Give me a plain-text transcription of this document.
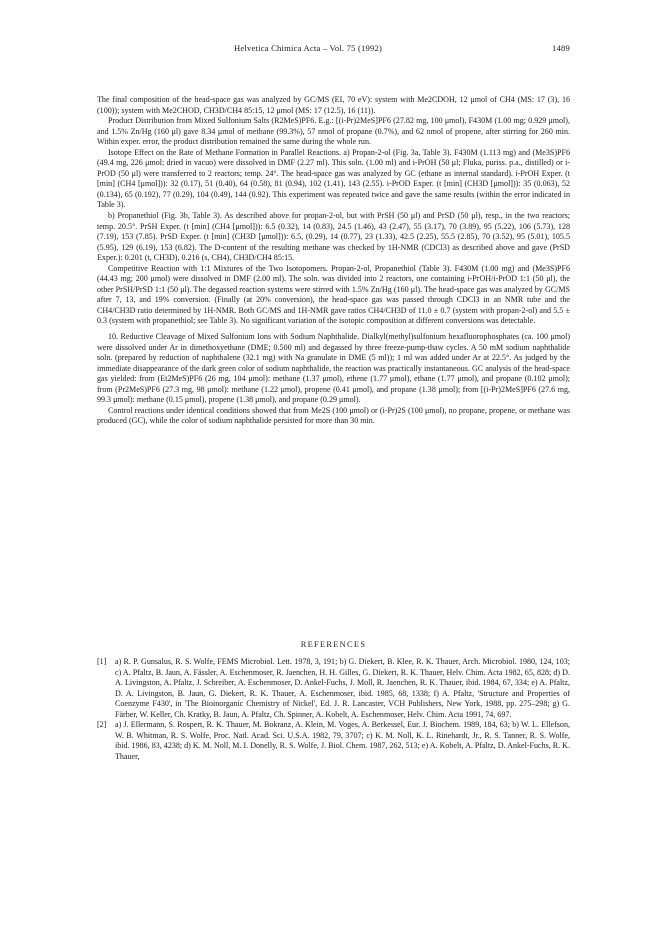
Helvetica Chimica Acta – Vol. 75 (1992)	1489

The final composition of the head-space gas was analyzed by GC/MS (EI, 70 eV): system with Me2CDOH, 12 μmol of CH4 (MS: 17 (3), 16 (100)); system with Me2CHOD, CH3D/CH4 85:15, 12 μmol (MS: 17 (12.5), 16 (11)).

Product Distribution from Mixed Sulfonium Salts (R2MeS)PF6. E.g.: [(i-Pr)2MeS]PF6 (27.82 mg, 100 μmol), F430M (1.00 mg; 0.929 μmol), and 1.5% Zn/Hg (160 μl) gave 8.34 μmol of methane (99.3%), 57 nmol of propane (0.7%), and 62 nmol of propene, after stirring for 260 min. Within exper. error, the product distribution remained the same during the whole run.

Isotope Effect on the Rate of Methane Formation in Parallel Reactions. a) Propan-2-ol (Fig. 3a, Table 3). F430M (1.113 mg) and (Me3S)PF6 (49.4 mg, 226 μmol; dried in vacuo) were dissolved in DMF (2.27 ml). This soln. (1.00 ml) and i-PrOH (50 μl; Fluka, puriss. p.a., distilled) or i-PrOD (50 μl) were transferred to 2 reactors; temp. 24°. The head-space gas was analyzed by GC (ethane as internal standard). i-PrOH Exper. (t [min] (CH4 [μmol])): 32 (0.17), 51 (0.40), 64 (0.58), 81 (0.94), 102 (1.41), 143 (2.55). i-PrOD Exper. (t [min] (CH3D [μmol])): 35 (0.063), 52 (0.134), 65 (0.192), 77 (0.29), 104 (0.49), 144 (0.92). This experiment was repeated twice and gave the same results (within the error indicated in Table 3).

b) Propanethiol (Fig. 3b, Table 3). As described above for propan-2-ol, but with PrSH (50 μl) and PrSD (50 μl), resp., in the two reactors; temp. 20.5°. PrSH Exper. (t [min] (CH4 [μmol])): 6.5 (0.32), 14 (0.83), 24.5 (1.46), 43 (2.47), 55 (3.17), 70 (3.89), 95 (5.22), 106 (5.73), 128 (7.19), 153 (7.85). PrSD Exper. (t [min] (CH3D [μmol])): 6.5, (0.29), 14 (0.77), 23 (1.33), 42.5 (2.25), 55.5 (2.85), 70 (3.52), 95 (5.01), 105.5 (5.95), 129 (6.19), 153 (6.82). The D-content of the resulting methane was checked by 1H-NMR (CDCl3) as described above and gave (PrSD Exper.): 0.201 (t, CH3D), 0.216 (s, CH4), CH3D/CH4 85:15.

Competitive Reaction with 1:1 Mixtures of the Two Isotopomers. Propan-2-ol, Propanethiol (Table 3). F430M (1.00 mg) and (Me3S)PF6 (44.43 mg; 200 μmol) were dissolved in DMF (2.00 ml). The soln. was divided into 2 reactors, one containing i-PrOH/i-PrOD 1:1 (50 μl), the other PrSH/PrSD 1:1 (50 μl). The degassed reaction systems were stirred with 1.5% Zn/Hg (160 μl). The head-space gas was analyzed by GC/MS after 7, 13, and 19% conversion. (Finally (at 20% conversion), the head-space gas was passed through CDCl3 in an NMR tube and the CH4/CH3D ratio determined by 1H-NMR. Both GC/MS and 1H-NMR gave ratios CH4/CH3D of 11.0 ± 0.7 (system with propan-2-ol) and 5.5 ± 0.3 (system with propanethiol; see Table 3). No significant variation of the isotopic composition at different conversions was detectable.

10. Reductive Cleavage of Mixed Sulfonium Ions with Sodium Naphthalide. Dialkyl(methyl)sulfonium hexafluorophosphates (ca. 100 μmol) were dissolved under Ar in dimethoxyethane (DME; 0.500 ml) and degassed by three freeze-pump-thaw cycles. A 50 mM sodium naphthalide soln. (prepared by reduction of naphthalene (32.1 mg) with Na granulate in DME (5 ml)); 1 ml was added under Ar at 22.5°. As judged by the immediate disappearance of the dark green color of sodium naphthalide, the reaction was practically instantaneous. GC analysis of the head-space gas yielded: from (Et2MeS)PF6 (26 mg, 104 μmol): methane (1.37 μmol), ethene (1.77 μmol), ethane (1.77 μmol), and propane (0.102 μmol); from (Pr2MeS)PF6 (27.3 mg, 98 μmol): methane (1.22 μmol), propene (0.41 μmol), and propane (1.38 μmol); from [(i-Pr)2MeS]PF6 (27.6 mg, 99.3 μmol): methane (0.15 μmol), propene (1.38 μmol), and propane (0.29 μmol).

Control reactions under identical conditions showed that from Me2S (100 μmol) or (i-Pr)2S (100 μmol), no propane, propene, or methane was produced (GC), while the color of sodium naphthalide persisted for more than 30 min.

REFERENCES
[1] a) R. P. Gunsalus, R. S. Wolfe, FEMS Microbiol. Lett. 1978, 3, 191; b) G. Diekert, B. Klee, R. K. Thauer, Arch. Microbiol. 1980, 124, 103; c) A. Pfaltz, B. Jaun, A. Fässler, A. Eschenmoser, R. Jaenchen, H. H. Gilles, G. Diekert, R. K. Thauer, Helv. Chim. Acta 1982, 65, 828; d) D. A. Livingston, A. Pfaltz, J. Schreiber, A. Eschenmoser, D. Ankel-Fuchs, J. Moll, R. Jaenchen, R. K. Thauer, ibid. 1984, 67, 334; e) A. Pfaltz, D. A. Livingston, B. Jaun, G. Diekert, R. K. Thauer, A. Eschenmoser, ibid. 1985, 68, 1338; f) A. Pfaltz, 'Structure and Properties of Coenzyme F430', in 'The Bioinorganic Chemistry of Nickel', Ed. J. R. Lancaster, VCH Publishers, New York, 1988, pp. 275–298; g) G. Färber, W. Keller, Ch. Kratky, B. Jaun, A. Pfaltz, Ch. Spinner, A. Kobelt, A. Eschenmoser, Helv. Chim. Acta 1991, 74, 697.
[2] a) J. Ellermann, S. Rospert, R. K. Thauer, M. Bokranz, A. Klein, M. Voges, A. Berkessel, Eur. J. Biochem. 1989, 184, 63; b) W. L. Ellefson, W. B. Whitman, R. S. Wolfe, Proc. Natl. Acad. Sci. U.S.A. 1982, 79, 3707; c) K. M. Noll, K. L. Rinehardt, Jr., R. S. Tanner, R. S. Wolfe, ibid. 1986, 83, 4238; d) K. M. Noll, M. I. Donelly, R. S. Wolfe, J. Biol. Chem. 1987, 262, 513; e) A. Kobelt, A. Pfaltz, D. Ankel-Fuchs, R. K. Thauer,
